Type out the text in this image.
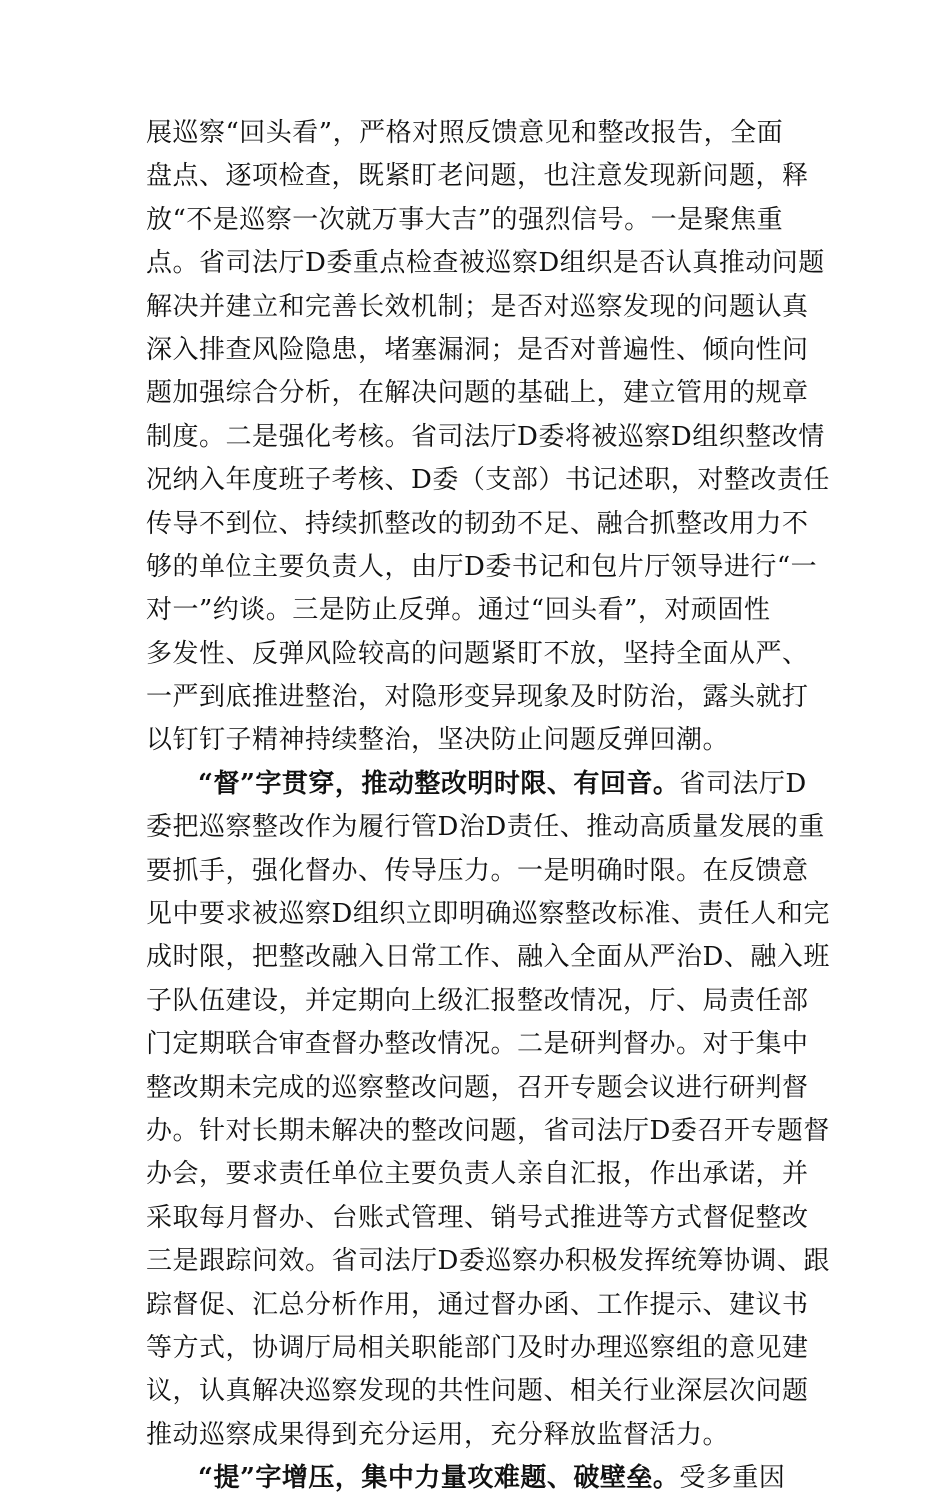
展巡察“回头看”，严格对照反馈意见和整改报告，全面
盘点、逐项检查，既紧盯老问题，也注意发现新问题，释
放“不是巡察一次就万事大吉”的强烈信号。一是聚焦重
点。省司法厅D委重点检查被巡察D组织是否认真推动问题
解决并建立和完善长效机制；是否对巡察发现的问题认真
深入排查风险隐患，堵塞漏洞；是否对普遍性、倾向性问
题加强综合分析，在解决问题的基础上，建立管用的规章
制度。二是强化考核。省司法厅D委将被巡察D组织整改情
况纳入年度班子考核、D委（支部）书记述职，对整改责任
传导不到位、持续抓整改的韧劲不足、融合抓整改用力不
够的单位主要负责人，由厅D委书记和包片厅领导进行“一
对一”约谈。三是防止反弹。通过“回头看”，对顽固性
多发性、反弹风险较高的问题紧盯不放，坚持全面从严、
一严到底推进整治，对隐形变异现象及时防治，露头就打
以钉钉子精神持续整治，坚决防止问题反弹回潮。
“督”字贯穿，推动整改明时限、有回音。省司法厅D
委把巡察整改作为履行管D治D责任、推动高质量发展的重
要抓手，强化督办、传导压力。一是明确时限。在反馈意
见中要求被巡察D组织立即明确巡察整改标准、责任人和完
成时限，把整改融入日常工作、融入全面从严治D、融入班
子队伍建设，并定期向上级汇报整改情况，厅、局责任部
门定期联合审查督办整改情况。二是研判督办。对于集中
整改期未完成的巡察整改问题，召开专题会议进行研判督
办。针对长期未解决的整改问题，省司法厅D委召开专题督
办会，要求责任单位主要负责人亲自汇报，作出承诺，并
采取每月督办、台账式管理、销号式推进等方式督促整改
三是跟踪问效。省司法厅D委巡察办积极发挥统筹协调、跟
踪督促、汇总分析作用，通过督办函、工作提示、建议书
等方式，协调厅局相关职能部门及时办理巡察组的意见建
议，认真解决巡察发现的共性问题、相关行业深层次问题
推动巡察成果得到充分运用，充分释放监督活力。
“提”字增压，集中力量攻难题、破壁垒。受多重因
